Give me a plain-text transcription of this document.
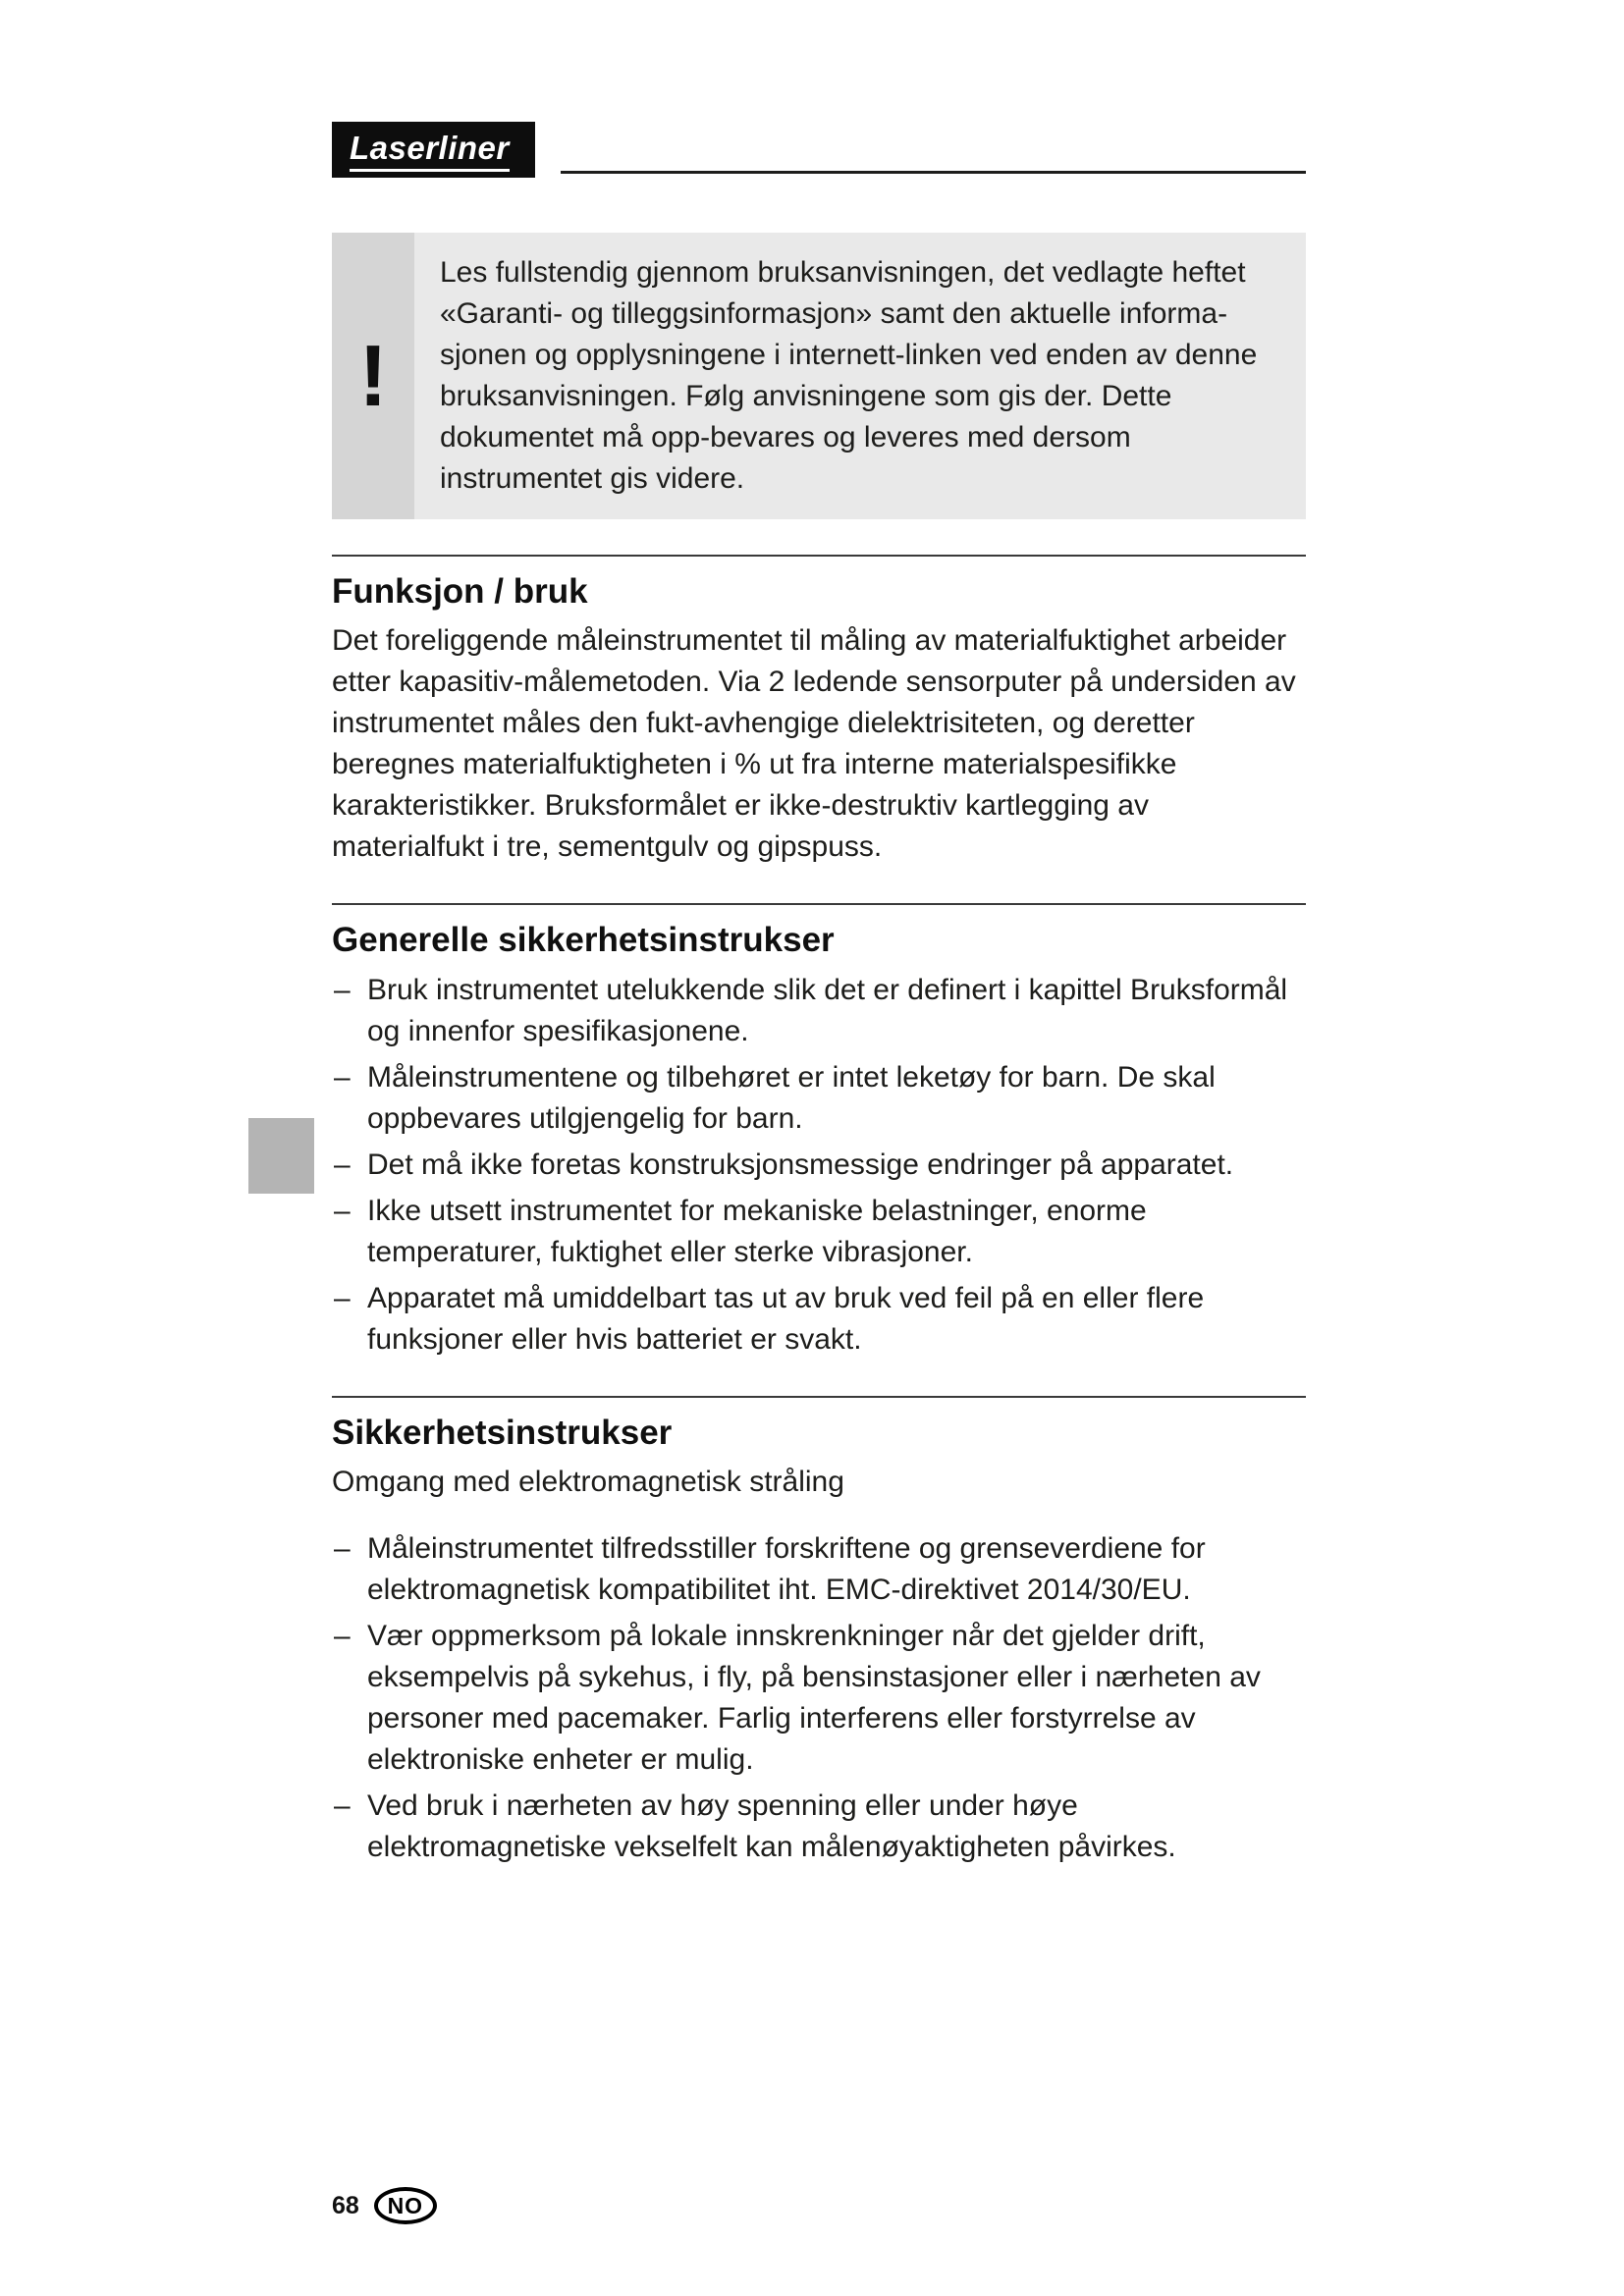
Laserliner
!
Les fullstendig gjennom bruksanvisningen, det vedlagte heftet «Garanti- og tilleggsinformasjon» samt den aktuelle informa-sjonen og opplysningene i internett-linken ved enden av denne bruksanvisningen. Følg anvisningene som gis der. Dette dokumentet må opp-bevares og leveres med dersom instrumentet gis videre.
Funksjon / bruk

Det foreliggende måleinstrumentet til måling av materialfuktighet arbeider etter kapasitiv-målemetoden. Via 2 ledende sensorputer på undersiden av instrumentet måles den fukt-avhengige dielektrisiteten, og deretter beregnes materialfuktigheten i % ut fra interne materialspesifikke karakteristikker. Bruksformålet er ikke-destruktiv kartlegging av materialfukt i tre, sementgulv og gipspuss.

Generelle sikkerhetsinstrukser
– Bruk instrumentet utelukkende slik det er definert i kapittel Bruksformål og innenfor spesifikasjonene.
– Måleinstrumentene og tilbehøret er intet leketøy for barn. De skal oppbevares utilgjengelig for barn.
– Det må ikke foretas konstruksjonsmessige endringer på apparatet.
– Ikke utsett instrumentet for mekaniske belastninger, enorme temperaturer, fuktighet eller sterke vibrasjoner.
– Apparatet må umiddelbart tas ut av bruk ved feil på en eller flere funksjoner eller hvis batteriet er svakt.
Sikkerhetsinstrukser

Omgang med elektromagnetisk stråling

– Måleinstrumentet tilfredsstiller forskriftene og grenseverdiene for elektromagnetisk kompatibilitet iht. EMC-direktivet 2014/30/EU.
– Vær oppmerksom på lokale innskrenkninger når det gjelder drift, eksempelvis på sykehus, i fly, på bensinstasjoner eller i nærheten av personer med pacemaker. Farlig interferens eller forstyrrelse av elektroniske enheter er mulig.
– Ved bruk i nærheten av høy spenning eller under høye elektromagnetiske vekselfelt kan målenøyaktigheten påvirkes.
68 NO
